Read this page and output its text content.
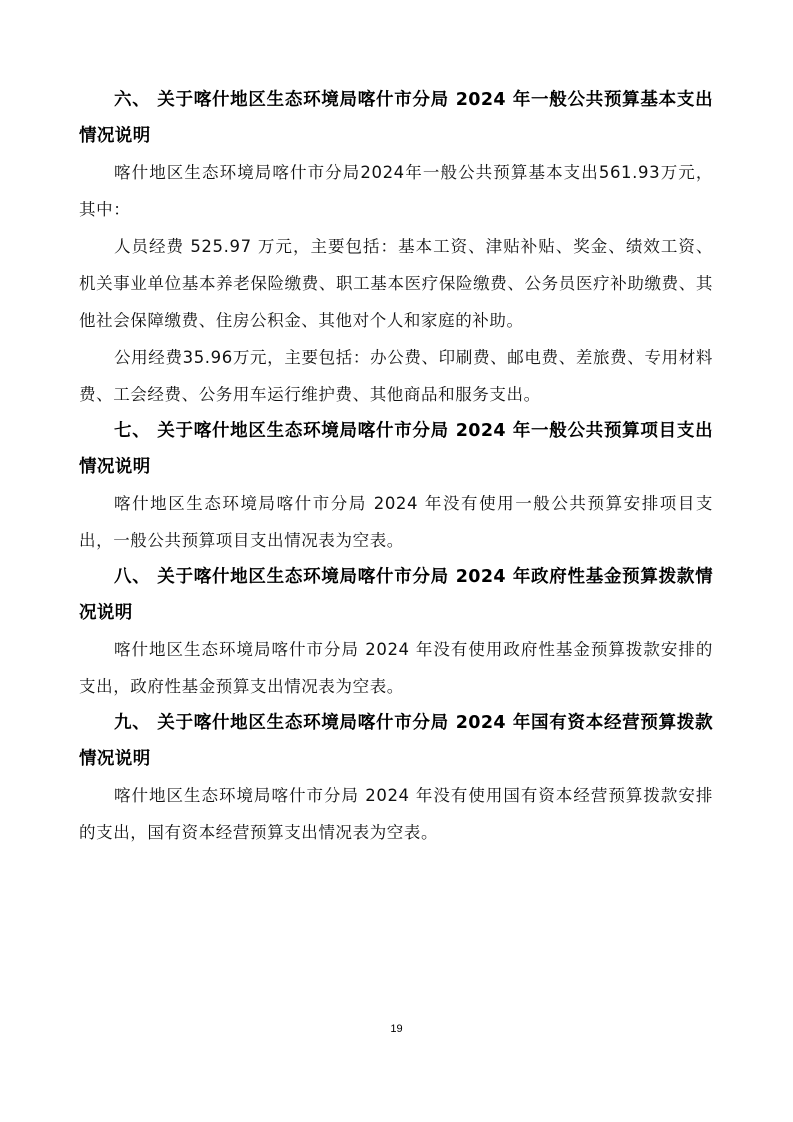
六、 关于喀什地区生态环境局喀什市分局 2024 年一般公共预算基本支出情况说明

喀什地区生态环境局喀什市分局2024年一般公共预算基本支出561.93万元，其中：

人员经费 525.97 万元，主要包括：基本工资、津贴补贴、奖金、绩效工资、机关事业单位基本养老保险缴费、职工基本医疗保险缴费、公务员医疗补助缴费、其他社会保障缴费、住房公积金、其他对个人和家庭的补助。

公用经费35.96万元，主要包括：办公费、印刷费、邮电费、差旅费、专用材料费、工会经费、公务用车运行维护费、其他商品和服务支出。

七、 关于喀什地区生态环境局喀什市分局 2024 年一般公共预算项目支出情况说明

喀什地区生态环境局喀什市分局 2024 年没有使用一般公共预算安排项目支出，一般公共预算项目支出情况表为空表。

八、 关于喀什地区生态环境局喀什市分局 2024 年政府性基金预算拨款情况说明

喀什地区生态环境局喀什市分局 2024 年没有使用政府性基金预算拨款安排的支出，政府性基金预算支出情况表为空表。

九、 关于喀什地区生态环境局喀什市分局 2024 年国有资本经营预算拨款情况说明

喀什地区生态环境局喀什市分局 2024 年没有使用国有资本经营预算拨款安排的支出，国有资本经营预算支出情况表为空表。

19
